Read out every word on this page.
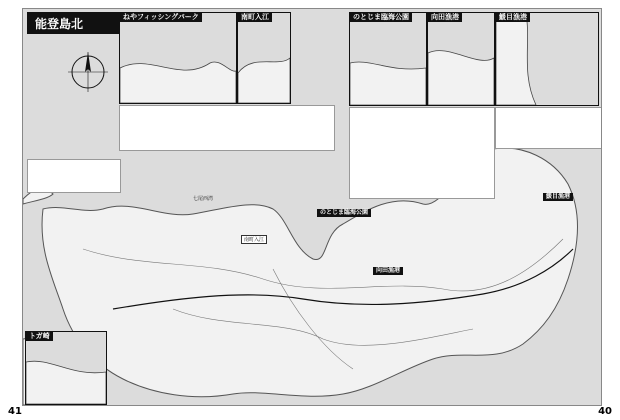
能登島北	ねやフィッシングパーク	南町入江	のとじま臨海公園	向田漁港	鰀目漁港
トガ崎
七尾西湾
のとじま臨海公園
向田漁港
鰀目漁港
南町入江
41	40
